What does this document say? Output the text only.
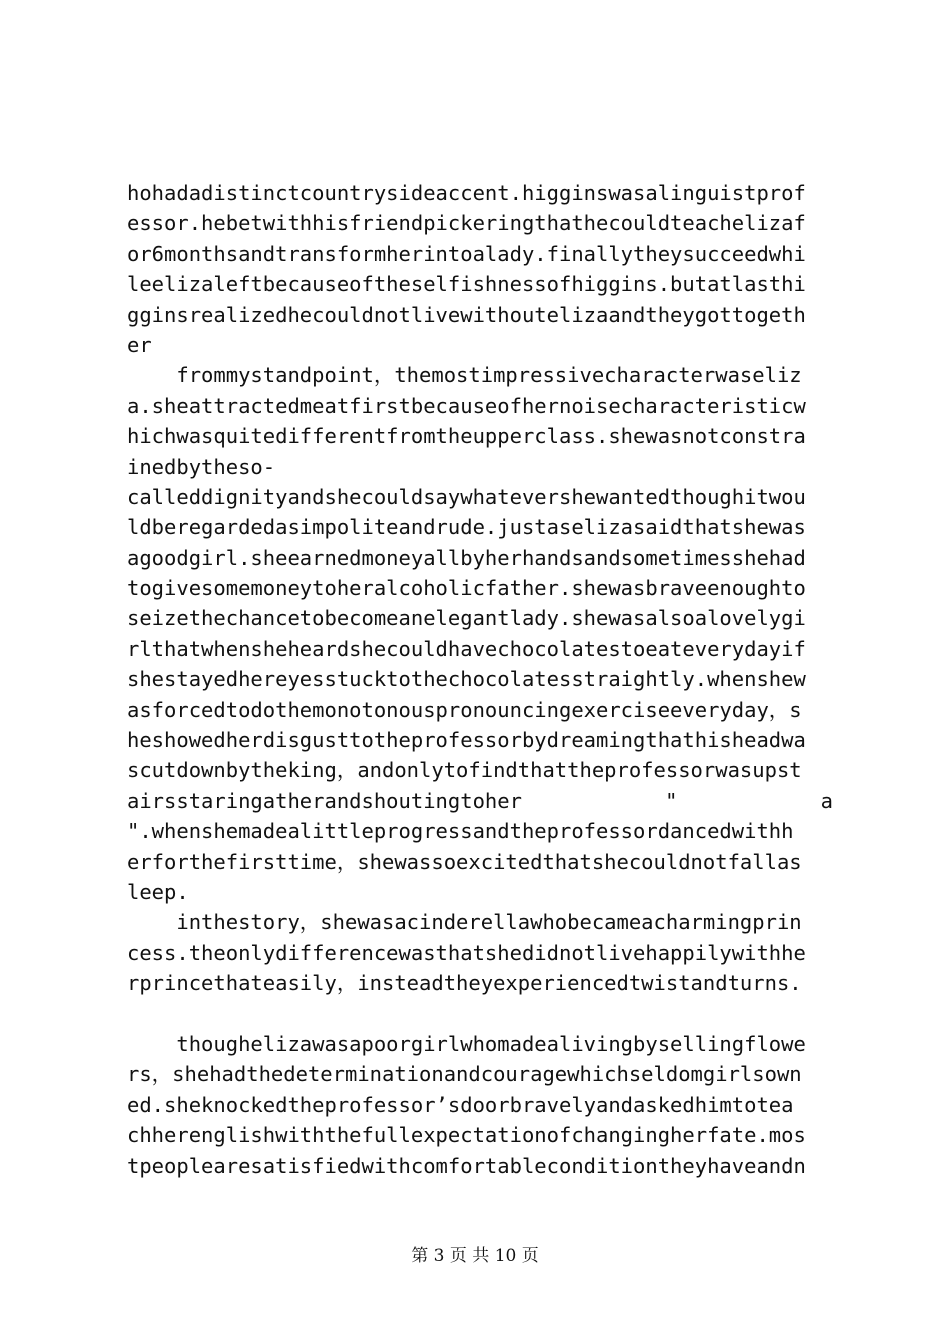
hohadadistinctcountrysideaccent.higginswasalinguistprof
essor.hebetwithhisfriendpickeringthathecouldteachelizaf
or6monthsandtransformherintoalady.finallytheysucceedwhi
leelizaleftbecauseoftheselfishnessofhiggins.butatlasthi
gginsrealizedhecouldnotlivewithoutelizaandtheygottogeth
er
frommystandpoint，themostimpressivecharacterwaseliz
a.sheattractedmeatfirstbecauseofhernoisecharacteristicw
hichwasquitedifferentfromtheupperclass.shewasnotconstra
inedbytheso-
calleddignityandshecouldsaywhatevershewantedthoughitwou
ldberegardedasimpoliteandrude.justaselizasaidthatshewas
agoodgirl.sheearnedmoneyallbyherhandsandsometimesshehad
togivesomemoneytoheralcoholicfather.shewasbraveenoughto
seizethechancetobecomeanelegantlady.shewasalsoalovelygi
rlthatwhensheheardshecouldhavechocolatestoeateverydayif
shestayedhereyesstucktothechocolatesstraightly.whenshew
asforcedtodothemonotonouspronouncingexerciseeveryday，s
heshowedherdisgusttotheprofessorbydreamingthathisheadwa
scutdownbytheking，andonlytofindthattheprofessorwasupst
airsstaringatherandshoutingtoher " a
".whenshemadealittleprogressandtheprofessordancedwithh
erforthefirsttime，shewassoexcitedthatshecouldnotfallas
leep.
inthestory，shewasacinderellawhobecameacharmingprin
cess.theonlydifferencewasthatshedidnotlivehappilywithhe
rprincethateasily，insteadtheyexperiencedtwistandturns.
thoughelizawasapoorgirlwhomadealivingbysellingflowe
rs，shehadthedeterminationandcouragewhichseldomgirlsown
ed.sheknockedtheprofessor’sdoorbravelyandaskedhimtotea
chherenglishwiththefullexpectationofchangingherfate.mos
tpeoplearesatisfiedwithcomfortableconditiontheyhaveandn
第 3 页 共 10 页
